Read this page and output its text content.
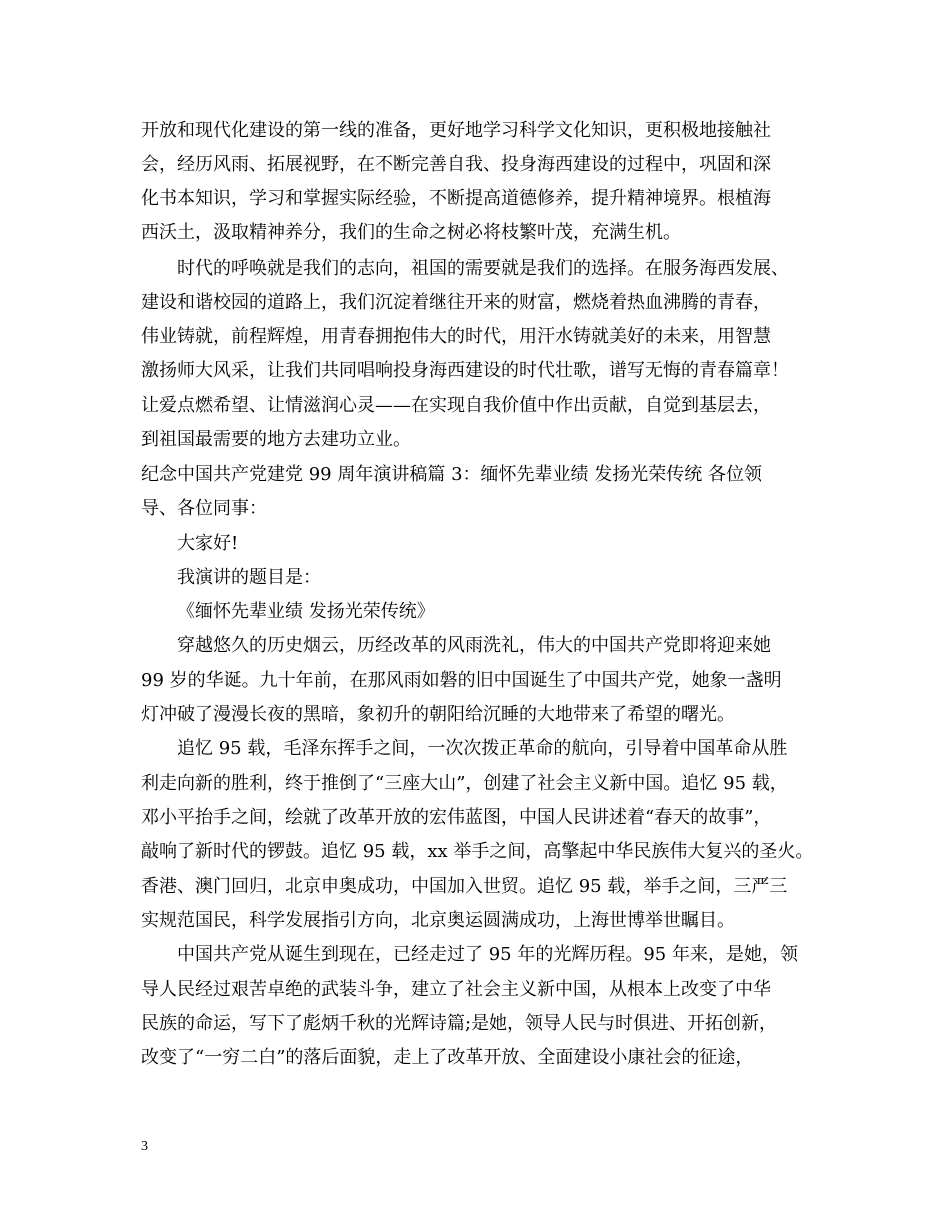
开放和现代化建设的第一线的准备，更好地学习科学文化知识，更积极地接触社
会，经历风雨、拓展视野，在不断完善自我、投身海西建设的过程中，巩固和深
化书本知识，学习和掌握实际经验，不断提高道德修养，提升精神境界。根植海
西沃土，汲取精神养分，我们的生命之树必将枝繁叶茂，充满生机。
时代的呼唤就是我们的志向，祖国的需要就是我们的选择。在服务海西发展、
建设和谐校园的道路上，我们沉淀着继往开来的财富，燃烧着热血沸腾的青春，
伟业铸就，前程辉煌，用青春拥抱伟大的时代，用汗水铸就美好的未来，用智慧
激扬师大风采，让我们共同唱响投身海西建设的时代壮歌，谱写无悔的青春篇章！
让爱点燃希望、让情滋润心灵——在实现自我价值中作出贡献，自觉到基层去，
到祖国最需要的地方去建功立业。
纪念中国共产党建党 99 周年演讲稿篇 3：缅怀先辈业绩 发扬光荣传统 各位领
导、各位同事：
大家好!
我演讲的题目是：
《缅怀先辈业绩 发扬光荣传统》
穿越悠久的历史烟云，历经改革的风雨洗礼，伟大的中国共产党即将迎来她
99 岁的华诞。九十年前，在那风雨如磐的旧中国诞生了中国共产党，她象一盏明
灯冲破了漫漫长夜的黑暗，象初升的朝阳给沉睡的大地带来了希望的曙光。
追忆 95 载，毛泽东挥手之间，一次次拨正革命的航向，引导着中国革命从胜
利走向新的胜利，终于推倒了“三座大山”，创建了社会主义新中国。追忆 95 载，
邓小平抬手之间，绘就了改革开放的宏伟蓝图，中国人民讲述着“春天的故事”，
敲响了新时代的锣鼓。追忆 95 载，xx 举手之间，高擎起中华民族伟大复兴的圣火。
香港、澳门回归，北京申奥成功，中国加入世贸。追忆 95 载，举手之间，三严三
实规范国民，科学发展指引方向，北京奥运圆满成功，上海世博举世瞩目。
中国共产党从诞生到现在，已经走过了 95 年的光辉历程。95 年来，是她，领
导人民经过艰苦卓绝的武装斗争，建立了社会主义新中国，从根本上改变了中华
民族的命运，写下了彪炳千秋的光辉诗篇;是她，领导人民与时俱进、开拓创新，
改变了“一穷二白”的落后面貌，走上了改革开放、全面建设小康社会的征途，
3
